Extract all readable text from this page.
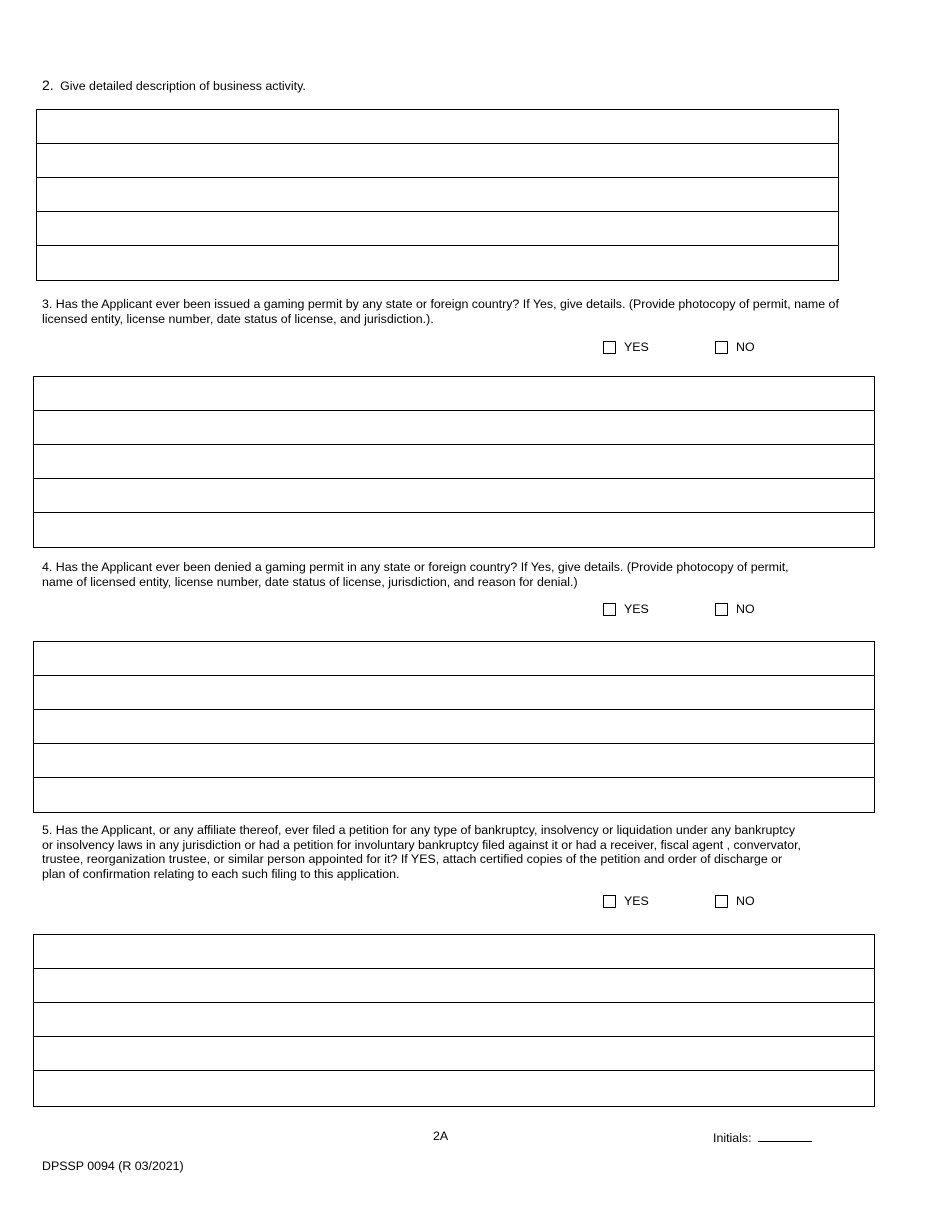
2. Give detailed description of business activity.
3. Has the Applicant ever been issued a gaming permit by any state or foreign country? If Yes, give details. (Provide photocopy of permit, name of licensed entity, license number, date status of license, and jurisdiction.).
YES	NO
4. Has the Applicant ever been denied a gaming permit in any state or foreign country? If Yes, give details. (Provide photocopy of permit, name of licensed entity, license number, date status of license, jurisdiction, and reason for denial.)
YES	NO
5. Has the Applicant, or any affiliate thereof, ever filed a petition for any type of bankruptcy, insolvency or liquidation under any bankruptcy or insolvency laws in any jurisdiction or had a petition for involuntary bankruptcy filed against it or had a receiver, fiscal agent , convervator, trustee, reorganization trustee, or similar person appointed for it? If YES, attach certified copies of the petition and order of discharge or plan of confirmation relating to each such filing to this application.
YES	NO
2A	Initials:
DPSSP 0094 (R 03/2021)
